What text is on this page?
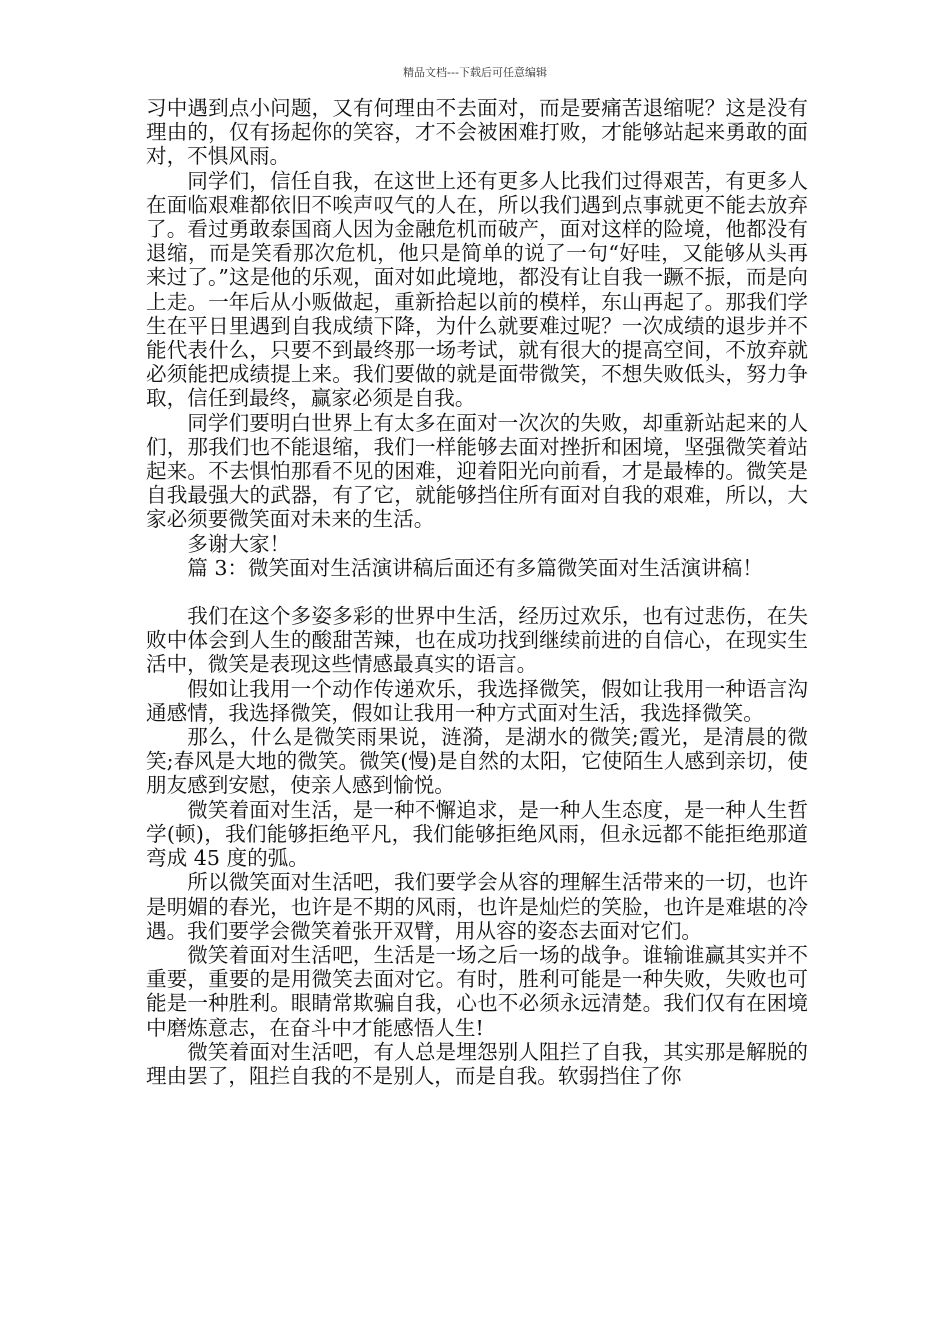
精品文档---下载后可任意编辑

习中遇到点小问题，又有何理由不去面对，而是要痛苦退缩呢？这是没有理由的，仅有扬起你的笑容，才不会被困难打败，才能够站起来勇敢的面对，不惧风雨。

同学们，信任自我，在这世上还有更多人比我们过得艰苦，有更多人在面临艰难都依旧不唉声叹气的人在，所以我们遇到点事就更不能去放弃了。看过勇敢泰国商人因为金融危机而破产，面对这样的险境，他都没有退缩，而是笑看那次危机，他只是简单的说了一句“好哇，又能够从头再来过了。”这是他的乐观，面对如此境地，都没有让自我一蹶不振，而是向上走。一年后从小贩做起，重新拾起以前的模样，东山再起了。那我们学生在平日里遇到自我成绩下降，为什么就要难过呢？一次成绩的退步并不能代表什么，只要不到最终那一场考试，就有很大的提高空间，不放弃就必须能把成绩提上来。我们要做的就是面带微笑，不想失败低头，努力争取，信任到最终，赢家必须是自我。

同学们要明白世界上有太多在面对一次次的失败，却重新站起来的人们，那我们也不能退缩，我们一样能够去面对挫折和困境，坚强微笑着站起来。不去惧怕那看不见的困难，迎着阳光向前看，才是最棒的。微笑是自我最强大的武器，有了它，就能够挡住所有面对自我的艰难，所以，大家必须要微笑面对未来的生活。

多谢大家！

篇 3：微笑面对生活演讲稿后面还有多篇微笑面对生活演讲稿！

我们在这个多姿多彩的世界中生活，经历过欢乐，也有过悲伤，在失败中体会到人生的酸甜苦辣，也在成功找到继续前进的自信心，在现实生活中，微笑是表现这些情感最真实的语言。

假如让我用一个动作传递欢乐，我选择微笑，假如让我用一种语言沟通感情，我选择微笑，假如让我用一种方式面对生活，我选择微笑。

那么，什么是微笑雨果说，涟漪，是湖水的微笑;霞光，是清晨的微笑;春风是大地的微笑。微笑(慢)是自然的太阳，它使陌生人感到亲切，使朋友感到安慰，使亲人感到愉悦。

微笑着面对生活，是一种不懈追求，是一种人生态度，是一种人生哲学(顿)，我们能够拒绝平凡，我们能够拒绝风雨，但永远都不能拒绝那道弯成 45 度的弧。

所以微笑面对生活吧，我们要学会从容的理解生活带来的一切，也许是明媚的春光，也许是不期的风雨，也许是灿烂的笑脸，也许是难堪的冷遇。我们要学会微笑着张开双臂，用从容的姿态去面对它们。

微笑着面对生活吧，生活是一场之后一场的战争。谁输谁赢其实并不重要，重要的是用微笑去面对它。有时，胜利可能是一种失败，失败也可能是一种胜利。眼睛常欺骗自我，心也不必须永远清楚。我们仅有在困境中磨炼意志，在奋斗中才能感悟人生!

微笑着面对生活吧，有人总是埋怨别人阻拦了自我，其实那是解脱的理由罢了，阻拦自我的不是别人，而是自我。软弱挡住了你
